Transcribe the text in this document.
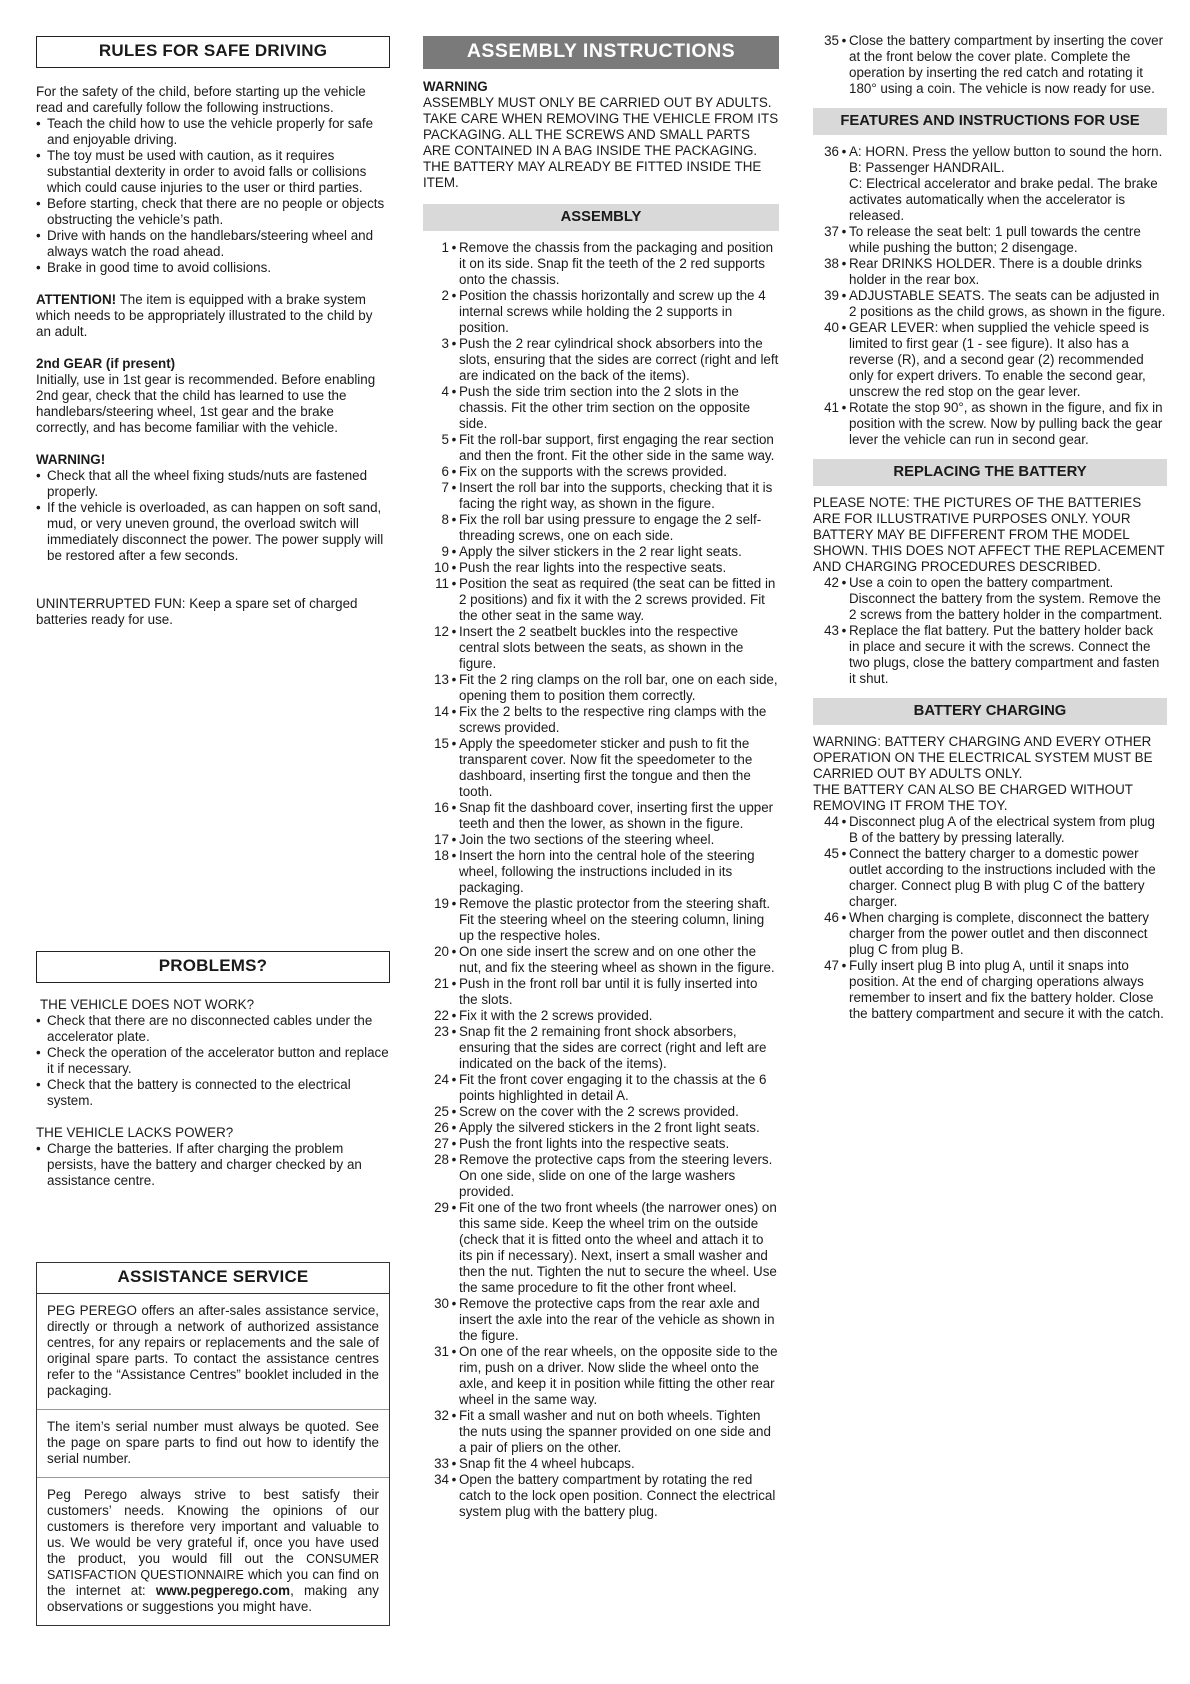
RULES FOR SAFE DRIVING

For the safety of the child, before starting up the vehicle read and carefully follow the following instructions.

• Teach the child how to use the vehicle properly for safe and enjoyable driving.
• The toy must be used with caution, as it requires substantial dexterity in order to avoid falls or collisions which could cause injuries to the user or third parties.
• Before starting, check that there are no people or objects obstructing the vehicle’s path.
• Drive with hands on the handlebars/steering wheel and always watch the road ahead.
• Brake in good time to avoid collisions.

ATTENTION! The item is equipped with a brake system which needs to be appropriately illustrated to the child by an adult.

2nd GEAR (if present)

Initially, use in 1st gear is recommended. Before enabling 2nd gear, check that the child has learned to use the handlebars/steering wheel, 1st gear and the brake correctly, and has become familiar with the vehicle.

WARNING!

• Check that all the wheel fixing studs/nuts are fastened properly.
• If the vehicle is overloaded, as can happen on soft sand, mud, or very uneven ground, the overload switch will immediately disconnect the power. The power supply will be restored after a few seconds.

UNINTERRUPTED FUN: Keep a spare set of charged batteries ready for use.

PROBLEMS?

THE VEHICLE DOES NOT WORK?

• Check that there are no disconnected cables under the accelerator plate.
• Check the operation of the accelerator button and replace it if necessary.
• Check that the battery is connected to the electrical system.

THE VEHICLE LACKS POWER?

• Charge the batteries. If after charging the problem persists, have the battery and charger checked by an assistance centre.
ASSISTANCE SERVICE
PEG PEREGO offers an after-sales assistance service, directly or through a network of authorized assistance centres, for any repairs or replacements and the sale of original spare parts. To contact the assistance centres refer to the “Assistance Centres” booklet included in the packaging.
The item’s serial number must always be quoted. See the page on spare parts to find out how to identify the serial number.
Peg Perego always strive to best satisfy their customers’ needs. Knowing the opinions of our customers is therefore very important and valuable to us. We would be very grateful if, once you have used the product, you would fill out the CONSUMER SATISFACTION QUESTIONNAIRE which you can find on the internet at: www.pegperego.com, making any observations or suggestions you might have.
ASSEMBLY INSTRUCTIONS

WARNING

ASSEMBLY MUST ONLY BE CARRIED OUT BY ADULTS. TAKE CARE WHEN REMOVING THE VEHICLE FROM ITS PACKAGING. ALL THE SCREWS AND SMALL PARTS ARE CONTAINED IN A BAG INSIDE THE PACKAGING. THE BATTERY MAY ALREADY BE FITTED INSIDE THE ITEM.

ASSEMBLY
1 • Remove the chassis from the packaging and position it on its side. Snap fit the teeth of the 2 red supports onto the chassis.
2 • Position the chassis horizontally and screw up the 4 internal screws while holding the 2 supports in position.
3 • Push the 2 rear cylindrical shock absorbers into the slots, ensuring that the sides are correct (right and left are indicated on the back of the items).
4 • Push the side trim section into the 2 slots in the chassis. Fit the other trim section on the opposite side.
5 • Fit the roll-bar support, first engaging the rear section and then the front. Fit the other side in the same way.
6 • Fix on the supports with the screws provided.
7 • Insert the roll bar into the supports, checking that it is facing the right way, as shown in the figure.
8 • Fix the roll bar using pressure to engage the 2 self-threading screws, one on each side.
9 • Apply the silver stickers in the 2 rear light seats.
10 • Push the rear lights into the respective seats.
11 • Position the seat as required (the seat can be fitted in 2 positions) and fix it with the 2 screws provided. Fit the other seat in the same way.
12 • Insert the 2 seatbelt buckles into the respective central slots between the seats, as shown in the figure.
13 • Fit the 2 ring clamps on the roll bar, one on each side, opening them to position them correctly.
14 • Fix the 2 belts to the respective ring clamps with the screws provided.
15 • Apply the speedometer sticker and push to fit the transparent cover. Now fit the speedometer to the dashboard, inserting first the tongue and then the tooth.
16 • Snap fit the dashboard cover, inserting first the upper teeth and then the lower, as shown in the figure.
17 • Join the two sections of the steering wheel.
18 • Insert the horn into the central hole of the steering wheel, following the instructions included in its packaging.
19 • Remove the plastic protector from the steering shaft. Fit the steering wheel on the steering column, lining up the respective holes.
20 • On one side insert the screw and on one other the nut, and fix the steering wheel as shown in the figure.
21 • Push in the front roll bar until it is fully inserted into the slots.
22 • Fix it with the 2 screws provided.
23 • Snap fit the 2 remaining front shock absorbers, ensuring that the sides are correct (right and left are indicated on the back of the items).
24 • Fit the front cover engaging it to the chassis at the 6 points highlighted in detail A.
25 • Screw on the cover with the 2 screws provided.
26 • Apply the silvered stickers in the 2 front light seats.
27 • Push the front lights into the respective seats.
28 • Remove the protective caps from the steering levers. On one side, slide on one of the large washers provided.
29 • Fit one of the two front wheels (the narrower ones) on this same side. Keep the wheel trim on the outside (check that it is fitted onto the wheel and attach it to its pin if necessary). Next, insert a small washer and then the nut. Tighten the nut to secure the wheel. Use the same procedure to fit the other front wheel.
30 • Remove the protective caps from the rear axle and insert the axle into the rear of the vehicle as shown in the figure.
31 • On one of the rear wheels, on the opposite side to the rim, push on a driver. Now slide the wheel onto the axle, and keep it in position while fitting the other rear wheel in the same way.
32 • Fit a small washer and nut on both wheels. Tighten the nuts using the spanner provided on one side and a pair of pliers on the other.
33 • Snap fit the 4 wheel hubcaps.
34 • Open the battery compartment by rotating the red catch to the lock open position. Connect the electrical system plug with the battery plug.
35 • Close the battery compartment by inserting the cover at the front below the cover plate. Complete the operation by inserting the red catch and rotating it 180° using a coin. The vehicle is now ready for use.
FEATURES AND INSTRUCTIONS FOR USE
36 • A: HORN. Press the yellow button to sound the horn.
B: Passenger HANDRAIL.
C: Electrical accelerator and brake pedal. The brake activates automatically when the accelerator is released.
37 • To release the seat belt: 1 pull towards the centre while pushing the button; 2 disengage.
38 • Rear DRINKS HOLDER. There is a double drinks holder in the rear box.
39 • ADJUSTABLE SEATS. The seats can be adjusted in 2 positions as the child grows, as shown in the figure.
40 • GEAR LEVER: when supplied the vehicle speed is limited to first gear (1 - see figure). It also has a reverse (R), and a second gear (2) recommended only for expert drivers. To enable the second gear, unscrew the red stop on the gear lever.
41 • Rotate the stop 90°, as shown in the figure, and fix in position with the screw. Now by pulling back the gear lever the vehicle can run in second gear.
REPLACING THE BATTERY

PLEASE NOTE: THE PICTURES OF THE BATTERIES ARE FOR ILLUSTRATIVE PURPOSES ONLY. YOUR BATTERY MAY BE DIFFERENT FROM THE MODEL SHOWN. THIS DOES NOT AFFECT THE REPLACEMENT AND CHARGING PROCEDURES DESCRIBED.

42 • Use a coin to open the battery compartment. Disconnect the battery from the system. Remove the 2 screws from the battery holder in the compartment.
43 • Replace the flat battery. Put the battery holder back in place and secure it with the screws. Connect the two plugs, close the battery compartment and fasten it shut.
BATTERY CHARGING

WARNING: BATTERY CHARGING AND EVERY OTHER OPERATION ON THE ELECTRICAL SYSTEM MUST BE CARRIED OUT BY ADULTS ONLY.

THE BATTERY CAN ALSO BE CHARGED WITHOUT REMOVING IT FROM THE TOY.

44 • Disconnect plug A of the electrical system from plug B of the battery by pressing laterally.
45 • Connect the battery charger to a domestic power outlet according to the instructions included with the charger. Connect plug B with plug C of the battery charger.
46 • When charging is complete, disconnect the battery charger from the power outlet and then disconnect plug C from plug B.
47 • Fully insert plug B into plug A, until it snaps into position. At the end of charging operations always remember to insert and fix the battery holder. Close the battery compartment and secure it with the catch.
